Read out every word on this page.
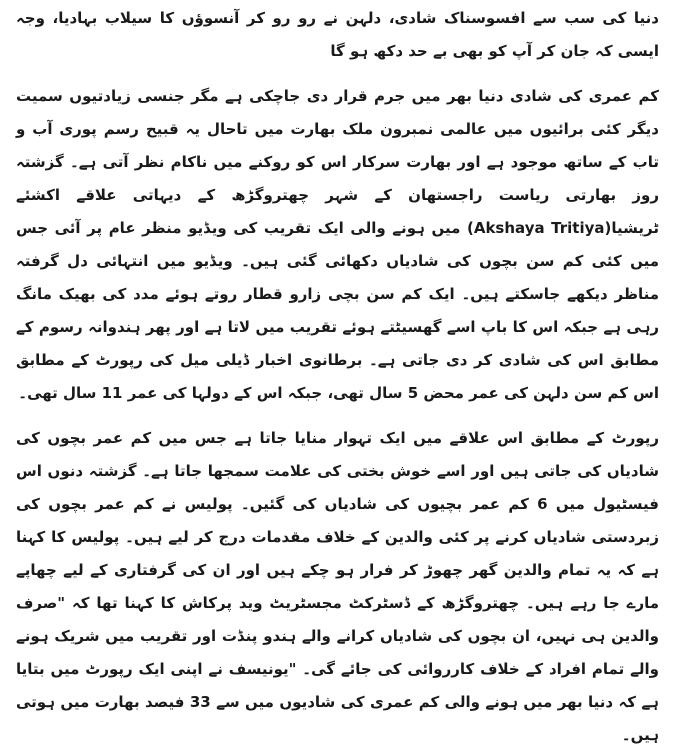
دنیا کی سب سے افسوسناک شادی، دلہن نے رو رو کر آنسوؤں کا سیلاب بہادیا، وجہ ایسی کہ جان کر آپ کو بھی بے حد دکھ ہو گا

کم عمری کی شادی دنیا بھر میں جرم قرار دی جاچکی ہے مگر جنسی زیادتیوں سمیت دیگر کئی برائیوں میں عالمی نمبرون ملک بھارت میں تاحال یہ قبیح رسم پوری آب و تاب کے ساتھ موجود ہے اور بھارت سرکار اس کو روکنے میں ناکام نظر آتی ہے۔ گزشتہ روز بھارتی ریاست راجستھان کے شہر چھتروگڑھ کے دیہاتی علاقے اکشئے ٹریشیا(Akshaya Tritiya) میں ہونے والی ایک تقریب کی ویڈیو منظر عام پر آئی جس میں کئی کم سن بچوں کی شادیاں دکھائی گئی ہیں۔ ویڈیو میں انتہائی دل گرفتہ مناظر دیکھے جاسکتے ہیں۔ ایک کم سن بچی زارو قطار روتے ہوئے مدد کی بھیک مانگ رہی ہے جبکہ اس کا باپ اسے گھسیٹتے ہوئے تقریب میں لاتا ہے اور پھر ہندوانہ رسوم کے مطابق اس کی شادی کر دی جاتی ہے۔ برطانوی اخبار ڈیلی میل کی رپورٹ کے مطابق اس کم سن دلہن کی عمر محض 5 سال تھی، جبکہ اس کے دولہا کی عمر 11 سال تھی۔

رپورٹ کے مطابق اس علاقے میں ایک تہوار منایا جاتا ہے جس میں کم عمر بچوں کی شادیاں کی جاتی ہیں اور اسے خوش بختی کی علامت سمجھا جاتا ہے۔ گزشتہ دنوں اس فیسٹیول میں 6 کم عمر بچیوں کی شادیاں کی گئیں۔ پولیس نے کم عمر بچوں کی زبردستی شادیاں کرنے پر کئی والدین کے خلاف مقدمات درج کر لیے ہیں۔ پولیس کا کہنا ہے کہ یہ تمام والدین گھر چھوڑ کر فرار ہو چکے ہیں اور ان کی گرفتاری کے لیے چھاپے مارے جا رہے ہیں۔ چھتروگڑھ کے ڈسٹرکٹ مجسٹریٹ وید پرکاش کا کہنا تھا کہ "صرف والدین ہی نہیں، ان بچوں کی شادیاں کرانے والے ہندو پنڈت اور تقریب میں شریک ہونے والے تمام افراد کے خلاف کارروائی کی جائے گی۔ "یونیسف نے اپنی ایک رپورٹ میں بتایا ہے کہ دنیا بھر میں ہونے والی کم عمری کی شادیوں میں سے 33 فیصد بھارت میں ہوتی ہیں۔
